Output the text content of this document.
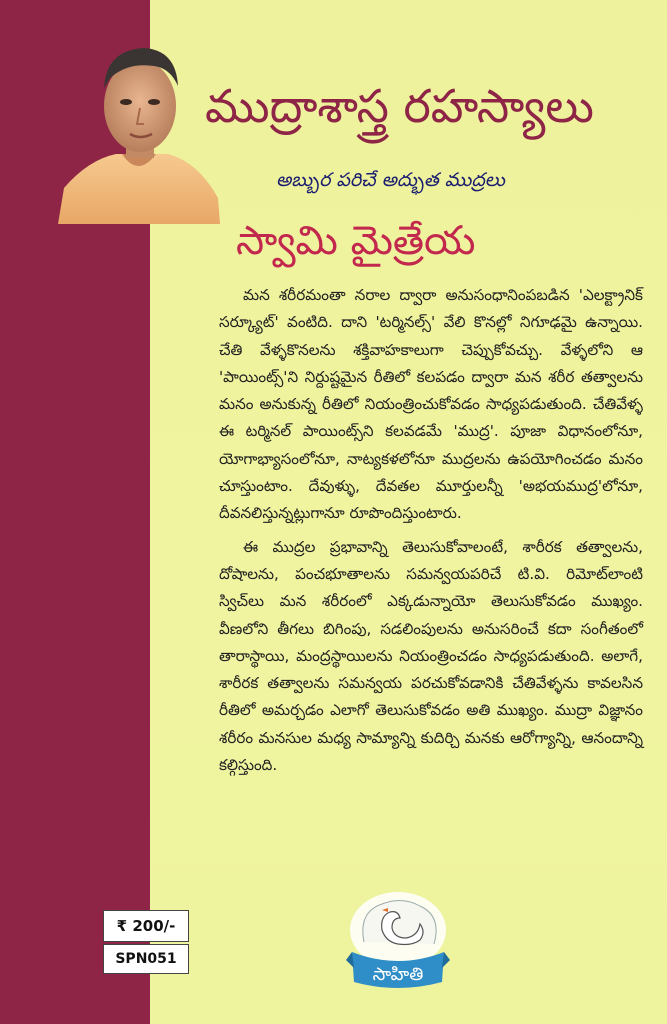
ముద్రాశాస్త్ర రహస్యాలు
అబ్బుర పరిచే అద్భుత ముద్రలు
స్వామి మైత్రేయ

మన శరీరమంతా నరాల ద్వారా అనుసంధానింపబడిన 'ఎలక్ట్రానిక్ సర్క్యూట్' వంటిది. దాని 'టర్మినల్స్' వేలి కొనల్లో నిగూఢమై ఉన్నాయి. చేతి వేళ్ళకొనలను శక్తివాహకాలుగా చెప్పుకోవచ్చు. వేళ్ళలోని ఆ 'పాయింట్స్'ని నిర్దుష్టమైన రీతిలో కలపడం ద్వారా మన శరీర తత్వాలను మనం అనుకున్న రీతిలో నియంత్రించుకోవడం సాధ్యపడుతుంది. చేతివేళ్ళ ఈ టర్మినల్ పాయింట్స్‌ని కలవడమే 'ముద్ర'. పూజా విధానంలోనూ, యోగాభ్యాసంలోనూ, నాట్యకళలోనూ ముద్రలను ఉపయోగించడం మనం చూస్తుంటాం. దేవుళ్ళు, దేవతల మూర్తులన్నీ 'అభయముద్ర'లోనూ, దీవనలిస్తున్నట్లుగానూ రూపొందిస్తుంటారు.

ఈ ముద్రల ప్రభావాన్ని తెలుసుకోవాలంటే, శారీరక తత్వాలను, దోషాలను, పంచభూతాలను సమన్వయపరిచే టి.వి. రిమోట్‌లాంటి స్విచ్‌లు మన శరీరంలో ఎక్కడున్నాయో తెలుసుకోవడం ముఖ్యం. వీణలోని తీగలు బిగింపు, సడలింపులను అనుసరించే కదా సంగీతంలో తారాస్థాయి, మంద్రస్థాయిలను నియంత్రించడం సాధ్యపడుతుంది. అలాగే, శారీరక తత్వాలను సమన్వయ పరచుకోవడానికి చేతివేళ్ళను కావలసిన రీతిలో అమర్చడం ఎలాగో తెలుసుకోవడం అతి ముఖ్యం. ముద్రా విజ్ఞానం శరీరం మనసుల మధ్య సామ్యాన్ని కుదిర్చి మనకు ఆరోగ్యాన్ని, ఆనందాన్ని కల్గిస్తుంది.

₹ 200/-
SPN051
సాహితి
